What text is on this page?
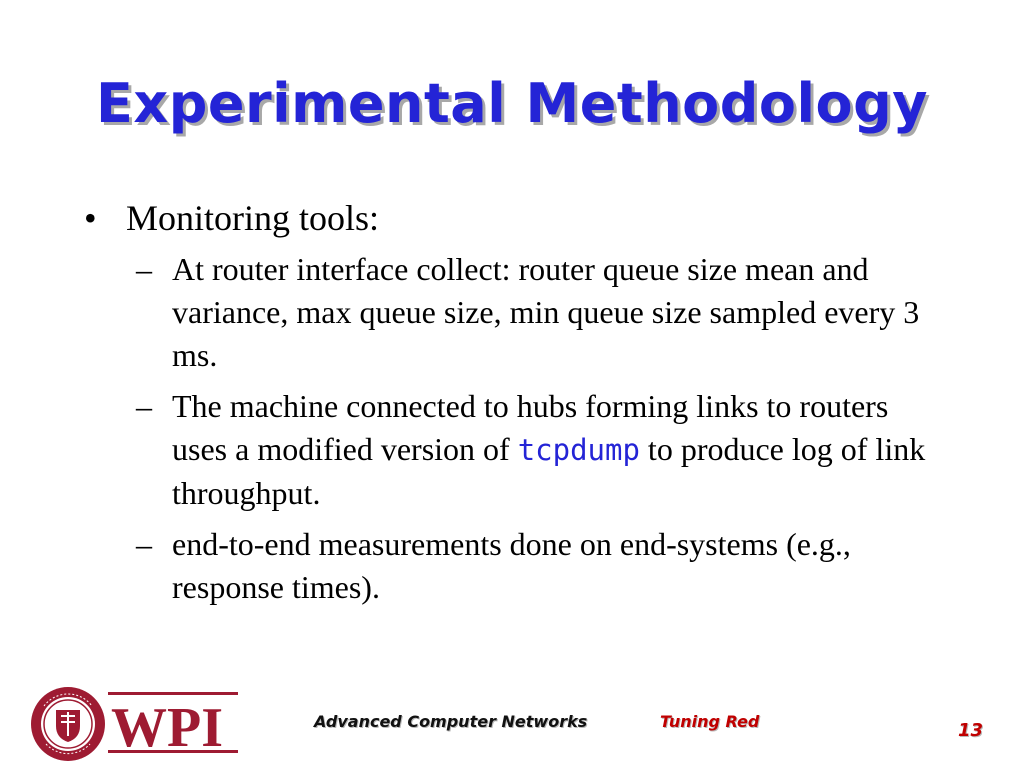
Experimental Methodology
• Monitoring tools:
– At router interface collect: router queue size mean and variance, max queue size, min queue size sampled every 3 ms.
– The machine connected to hubs forming links to routers uses a modified version of tcpdump to produce log of link throughput.
– end-to-end measurements done on end-systems (e.g., response times).
WPI	Advanced Computer Networks	Tuning Red	13
